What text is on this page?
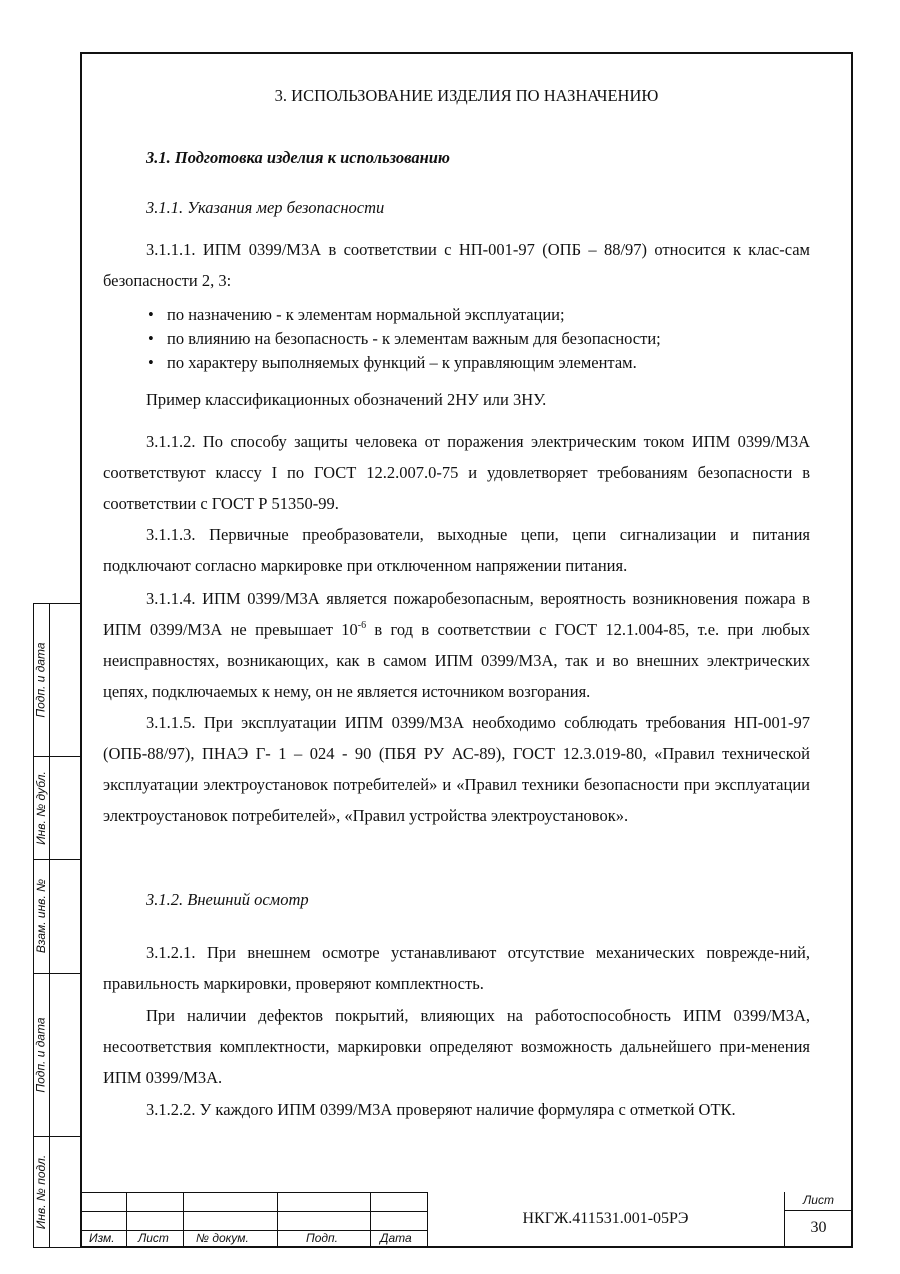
Подп. и дата
Инв. № дубл.
Взам. инв. №
Подп. и дата
Инв. № подл.
3. ИСПОЛЬЗОВАНИЕ ИЗДЕЛИЯ ПО НАЗНАЧЕНИЮ
3.1. Подготовка изделия к использованию
3.1.1. Указания мер безопасности

3.1.1.1. ИПМ 0399/М3А в соответствии с НП-001-97 (ОПБ – 88/97) относится к клас-сам безопасности 2, 3:

• по назначению - к элементам нормальной эксплуатации;
• по влиянию на безопасность - к элементам важным для безопасности;
• по характеру выполняемых функций – к управляющим элементам.

Пример классификационных обозначений 2НУ или 3НУ.

3.1.1.2. По способу защиты человека от поражения электрическим током ИПМ 0399/М3А соответствуют классу I по ГОСТ 12.2.007.0-75 и удовлетворяет требованиям безопасности в соответствии с ГОСТ Р 51350-99.

3.1.1.3. Первичные преобразователи, выходные цепи, цепи сигнализации и питания подключают согласно маркировке при отключенном напряжении питания.

3.1.1.4. ИПМ 0399/М3А является пожаробезопасным, вероятность возникновения пожара в ИПМ 0399/М3А не превышает $10^{-6}$ в год в соответствии с ГОСТ 12.1.004-85, т.е. при любых неисправностях, возникающих, как в самом ИПМ 0399/М3А, так и во внешних электрических цепях, подключаемых к нему, он не является источником возгорания.

3.1.1.5. При эксплуатации ИПМ 0399/М3А необходимо соблюдать требования НП-001-97 (ОПБ-88/97), ПНАЭ Г- 1 – 024 - 90 (ПБЯ РУ АС-89), ГОСТ 12.3.019-80, «Правил технической эксплуатации электроустановок потребителей» и «Правил техники безопасности при эксплуатации электроустановок потребителей», «Правил устройства электроустановок».

3.1.2. Внешний осмотр

3.1.2.1. При внешнем осмотре устанавливают отсутствие механических поврежде-ний, правильность маркировки, проверяют комплектность.

При наличии дефектов покрытий, влияющих на работоспособность ИПМ 0399/М3А, несоответствия комплектности, маркировки определяют возможность дальнейшего при-менения ИПМ 0399/М3А.

3.1.2.2. У каждого ИПМ 0399/М3А проверяют наличие формуляра с отметкой ОТК.

Изм. Лист № докум.	Подп.	Дата
НКГЖ.411531.001-05РЭ
Лист
30
